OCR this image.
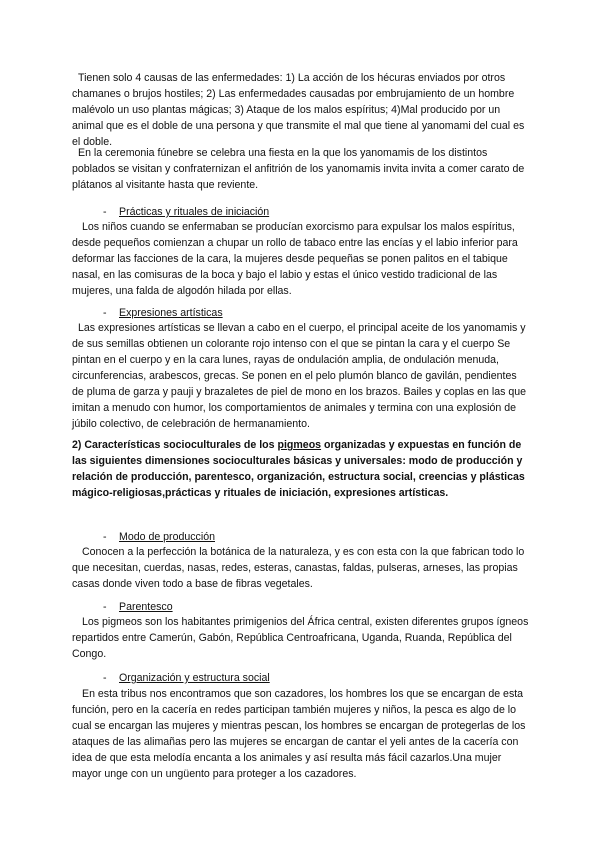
Tienen solo 4 causas de las enfermedades: 1) La acción de los hécuras enviados por otros chamanes o brujos hostiles; 2) Las enfermedades causadas por embrujamiento de un hombre malévolo un uso plantas mágicas; 3) Ataque de los malos espíritus; 4)Mal producido por un animal que es el doble de una persona y que transmite el mal que tiene al yanomami del cual es el doble.

En la ceremonia fúnebre se celebra una fiesta en la que los yanomamis de los distintos poblados se visitan y confraternizan el anfitrión de los yanomamis invita invita a comer carato de plátanos al visitante hasta que reviente.

- Prácticas y rituales de iniciación

Los niños cuando se enfermaban se producían exorcismo para expulsar los malos espíritus, desde pequeños comienzan a chupar un rollo de tabaco entre las encías y el labio inferior para deformar las facciones de la cara, la mujeres desde pequeñas se ponen palitos en el tabique nasal, en las comisuras de la boca y bajo el labio y estas el único vestido tradicional de las mujeres, una falda de algodón hilada por ellas.

- Expresiones artísticas

Las expresiones artísticas se llevan a cabo en el cuerpo, el principal aceite de los yanomamis y de sus semillas obtienen un colorante rojo intenso con el que se pintan la cara y el cuerpo Se pintan en el cuerpo y en la cara lunes, rayas de ondulación amplia, de ondulación menuda, circunferencias, arabescos, grecas. Se ponen en el pelo plumón blanco de gavilán, pendientes de pluma de garza y pauji y brazaletes de piel de mono en los brazos. Bailes y coplas en las que imitan a menudo con humor, los comportamientos de animales y termina con una explosión de júbilo colectivo, de celebración de hermanamiento.

2) Características socioculturales de los pigmeos organizadas y expuestas en función de las siguientes dimensiones socioculturales básicas y universales: modo de producción y relación de producción, parentesco, organización, estructura social, creencias y plásticas mágico-religiosas,prácticas y rituales de iniciación, expresiones artísticas.

- Modo de producción

Conocen a la perfección la botánica de la naturaleza, y es con esta con la que fabrican todo lo que necesitan, cuerdas, nasas, redes, esteras, canastas, faldas, pulseras, arneses, las propias casas donde viven todo a base de fibras vegetales.

- Parentesco

Los pigmeos son los habitantes primigenios del África central, existen diferentes grupos ígneos repartidos entre Camerún, Gabón, República Centroafricana, Uganda, Ruanda, República del Congo.

- Organización y estructura social

En esta tribus nos encontramos que son cazadores, los hombres los que se encargan de esta función, pero en la cacería en redes participan también mujeres y niños, la pesca es algo de lo cual se encargan las mujeres y mientras pescan, los hombres se encargan de protegerlas de los ataques de las alimañas pero las mujeres se encargan de cantar el yeli antes de la cacería con idea de que esta melodía encanta a los animales y así resulta más fácil cazarlos.Una mujer mayor unge con un ungüento para proteger a los cazadores.
